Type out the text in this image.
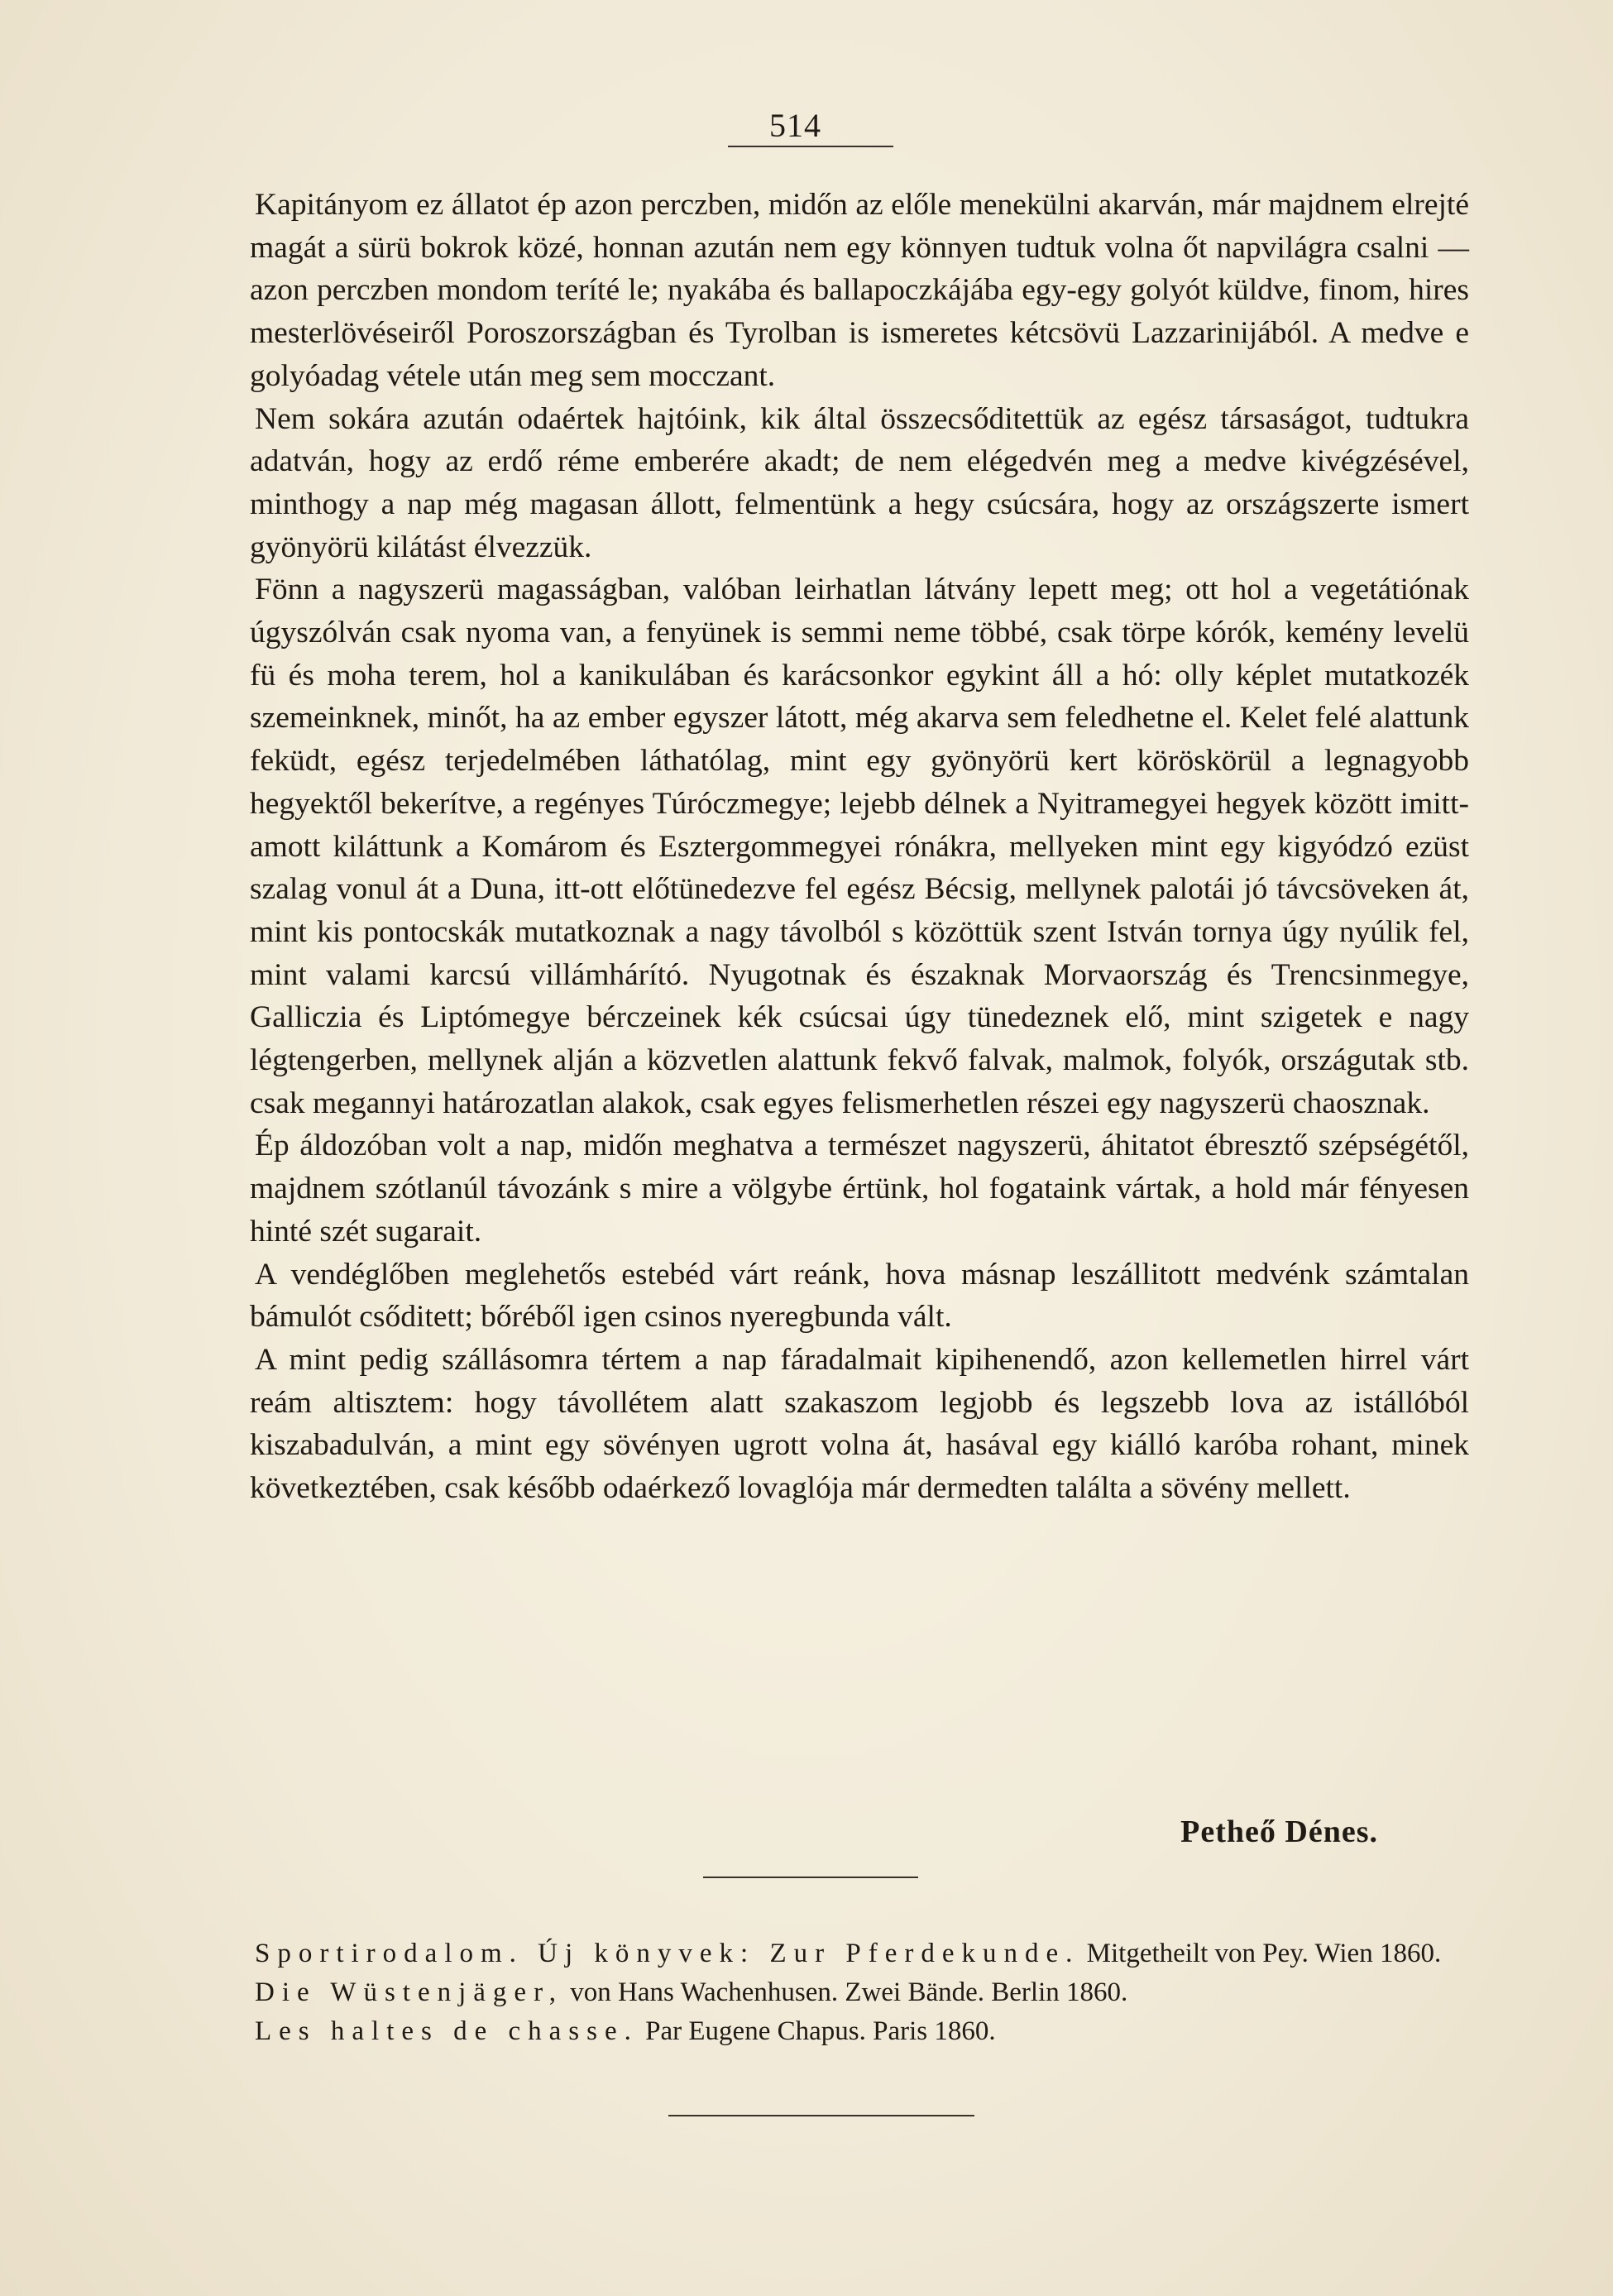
514

Kapitányom ez állatot ép azon perczben, midőn az előle menekülni akarván, már majdnem elrejté magát a sürü bokrok közé, honnan azután nem egy könnyen tudtuk volna őt napvilágra csalni — azon perczben mondom teríté le; nyakába és ballapoczkájába egy-egy golyót küldve, finom, hires mesterlövéseiről Poroszországban és Tyrolban is ismeretes kétcsövü Lazzarinijából. A medve e golyóadag vétele után meg sem mocczant.

Nem sokára azután odaértek hajtóink, kik által összecsőditettük az egész társaságot, tudtukra adatván, hogy az erdő réme emberére akadt; de nem elégedvén meg a medve kivégzésével, minthogy a nap még magasan állott, felmentünk a hegy csúcsára, hogy az országszerte ismert gyönyörü kilátást élvezzük.

Fönn a nagyszerü magasságban, valóban leirhatlan látvány lepett meg; ott hol a vegetátiónak úgyszólván csak nyoma van, a fenyünek is semmi neme többé, csak törpe kórók, kemény levelü fü és moha terem, hol a kanikulában és karácsonkor egykint áll a hó: olly képlet mutatkozék szemeinknek, minőt, ha az ember egyszer látott, még akarva sem feledhetne el. Kelet felé alattunk feküdt, egész terjedelmében láthatólag, mint egy gyönyörü kert köröskörül a legnagyobb hegyektől bekerítve, a regényes Túróczmegye; lejebb délnek a Nyitramegyei hegyek között imitt-amott kiláttunk a Komárom és Esztergommegyei rónákra, mellyeken mint egy kigyódzó ezüst szalag vonul át a Duna, itt-ott előtünedezve fel egész Bécsig, mellynek palotái jó távcsöveken át, mint kis pontocskák mutatkoznak a nagy távolból s közöttük szent István tornya úgy nyúlik fel, mint valami karcsú villámhárító. Nyugotnak és északnak Morvaország és Trencsinmegye, Galliczia és Liptómegye bérczeinek kék csúcsai úgy tünedeznek elő, mint szigetek e nagy légtengerben, mellynek alján a közvetlen alattunk fekvő falvak, malmok, folyók, országutak stb. csak megannyi határozatlan alakok, csak egyes felismerhetlen részei egy nagyszerü chaosznak.

Ép áldozóban volt a nap, midőn meghatva a természet nagyszerü, áhitatot ébresztő szépségétől, majdnem szótlanúl távozánk s mire a völgybe értünk, hol fogataink vártak, a hold már fényesen hinté szét sugarait.

A vendéglőben meglehetős estebéd várt reánk, hova másnap leszállitott medvénk számtalan bámulót csőditett; bőréből igen csinos nyeregbunda vált.

A mint pedig szállásomra tértem a nap fáradalmait kipihenendő, azon kellemetlen hirrel várt reám altisztem: hogy távollétem alatt szakaszom legjobb és legszebb lova az istállóból kiszabadulván, a mint egy sövényen ugrott volna át, hasával egy kiálló karóba rohant, minek következtében, csak később odaérkező lovaglója már dermedten találta a sövény mellett.

Petheő Dénes.

Sportirodalom. Új könyvek: Zur Pferdekunde. Mitgetheilt von Pey. Wien 1860.

Die Wüstenjäger, von Hans Wachenhusen. Zwei Bände. Berlin 1860.

Les haltes de chasse. Par Eugene Chapus. Paris 1860.
